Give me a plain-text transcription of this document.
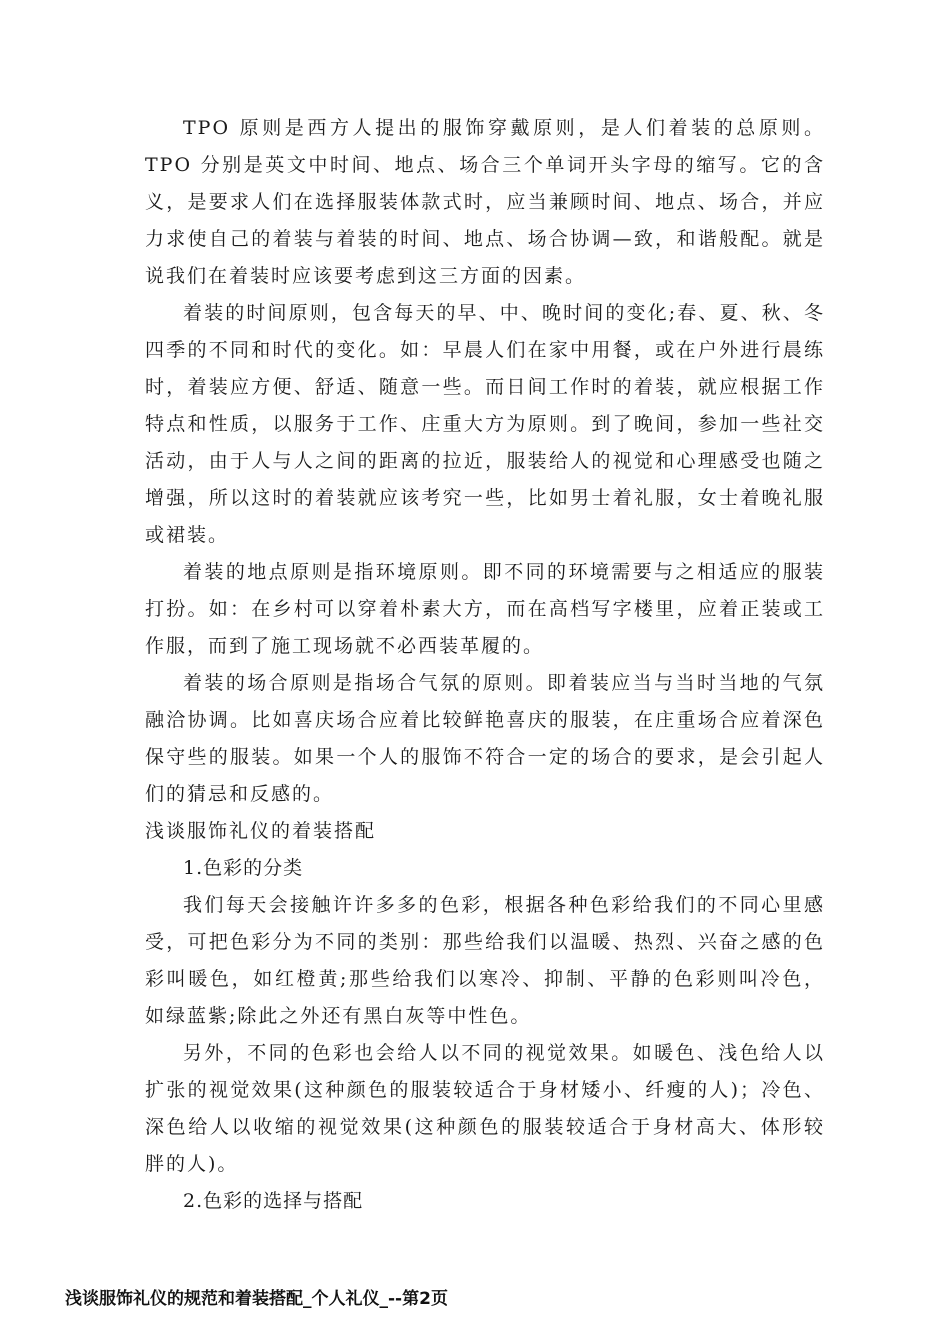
TPO 原则是西方人提出的服饰穿戴原则，是人们着装的总原则。TPO 分别是英文中时间、地点、场合三个单词开头字母的缩写。它的含义，是要求人们在选择服装体款式时，应当兼顾时间、地点、场合，并应力求使自己的着装与着装的时间、地点、场合协调—致，和谐般配。就是说我们在着装时应该要考虑到这三方面的因素。

着装的时间原则，包含每天的早、中、晚时间的变化;春、夏、秋、冬四季的不同和时代的变化。如：早晨人们在家中用餐，或在户外进行晨练时，着装应方便、舒适、随意一些。而日间工作时的着装，就应根据工作特点和性质，以服务于工作、庄重大方为原则。到了晚间，参加一些社交活动，由于人与人之间的距离的拉近，服装给人的视觉和心理感受也随之增强，所以这时的着装就应该考究一些，比如男士着礼服，女士着晚礼服或裙装。

着装的地点原则是指环境原则。即不同的环境需要与之相适应的服装打扮。如：在乡村可以穿着朴素大方，而在高档写字楼里，应着正装或工作服，而到了施工现场就不必西装革履的。

着装的场合原则是指场合气氛的原则。即着装应当与当时当地的气氛融洽协调。比如喜庆场合应着比较鲜艳喜庆的服装，在庄重场合应着深色保守些的服装。如果一个人的服饰不符合一定的场合的要求，是会引起人们的猜忌和反感的。

浅谈服饰礼仪的着装搭配

1.色彩的分类

我们每天会接触许许多多的色彩，根据各种色彩给我们的不同心里感受，可把色彩分为不同的类别：那些给我们以温暖、热烈、兴奋之感的色彩叫暖色，如红橙黄;那些给我们以寒冷、抑制、平静的色彩则叫冷色，如绿蓝紫;除此之外还有黑白灰等中性色。

另外，不同的色彩也会给人以不同的视觉效果。如暖色、浅色给人以扩张的视觉效果(这种颜色的服装较适合于身材矮小、纤瘦的人)；冷色、深色给人以收缩的视觉效果(这种颜色的服装较适合于身材高大、体形较胖的人)。

2.色彩的选择与搭配

浅谈服饰礼仪的规范和着装搭配_个人礼仪_--第2页
